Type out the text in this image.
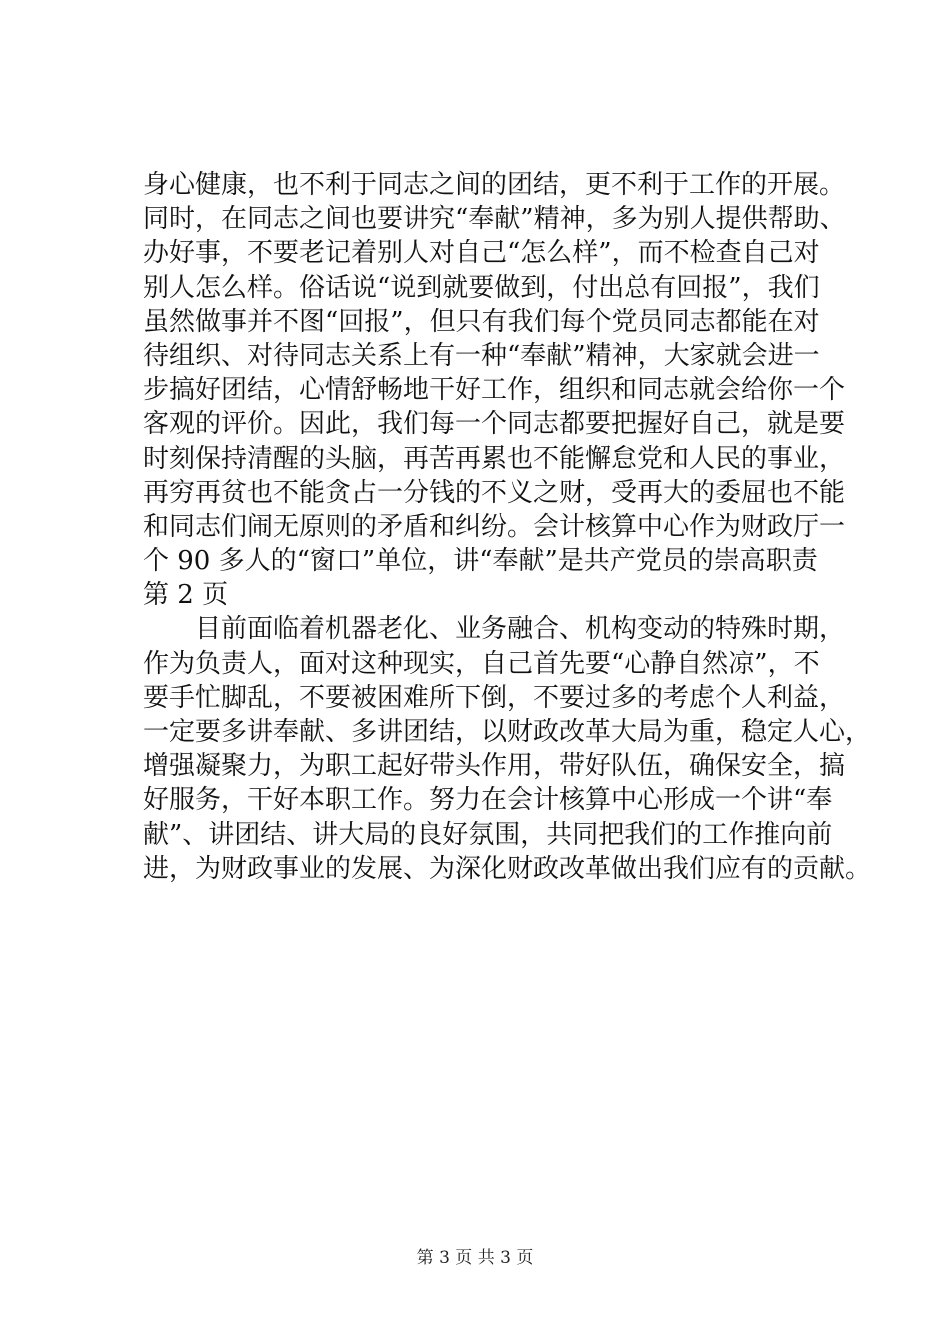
身心健康，也不利于同志之间的团结，更不利于工作的开展。
同时，在同志之间也要讲究“奉献”精神，多为别人提供帮助、
办好事，不要老记着别人对自己“怎么样”，而不检查自己对
别人怎么样。俗话说“说到就要做到，付出总有回报”，我们
虽然做事并不图“回报”，但只有我们每个党员同志都能在对
待组织、对待同志关系上有一种“奉献”精神，大家就会进一
步搞好团结，心情舒畅地干好工作，组织和同志就会给你一个
客观的评价。因此，我们每一个同志都要把握好自己，就是要
时刻保持清醒的头脑，再苦再累也不能懈怠党和人民的事业，
再穷再贫也不能贪占一分钱的不义之财，受再大的委屈也不能
和同志们闹无原则的矛盾和纠纷。会计核算中心作为财政厅一
个 90 多人的“窗口”单位，讲“奉献”是共产党员的崇高职责
第 2 页
目前面临着机器老化、业务融合、机构变动的特殊时期，
作为负责人，面对这种现实，自己首先要“心静自然凉”，不
要手忙脚乱，不要被困难所下倒，不要过多的考虑个人利益，
一定要多讲奉献、多讲团结，以财政改革大局为重，稳定人心，
增强凝聚力，为职工起好带头作用，带好队伍，确保安全，搞
好服务，干好本职工作。努力在会计核算中心形成一个讲“奉
献”、讲团结、讲大局的良好氛围，共同把我们的工作推向前
进，为财政事业的发展、为深化财政改革做出我们应有的贡献。
第 3 页 共 3 页
